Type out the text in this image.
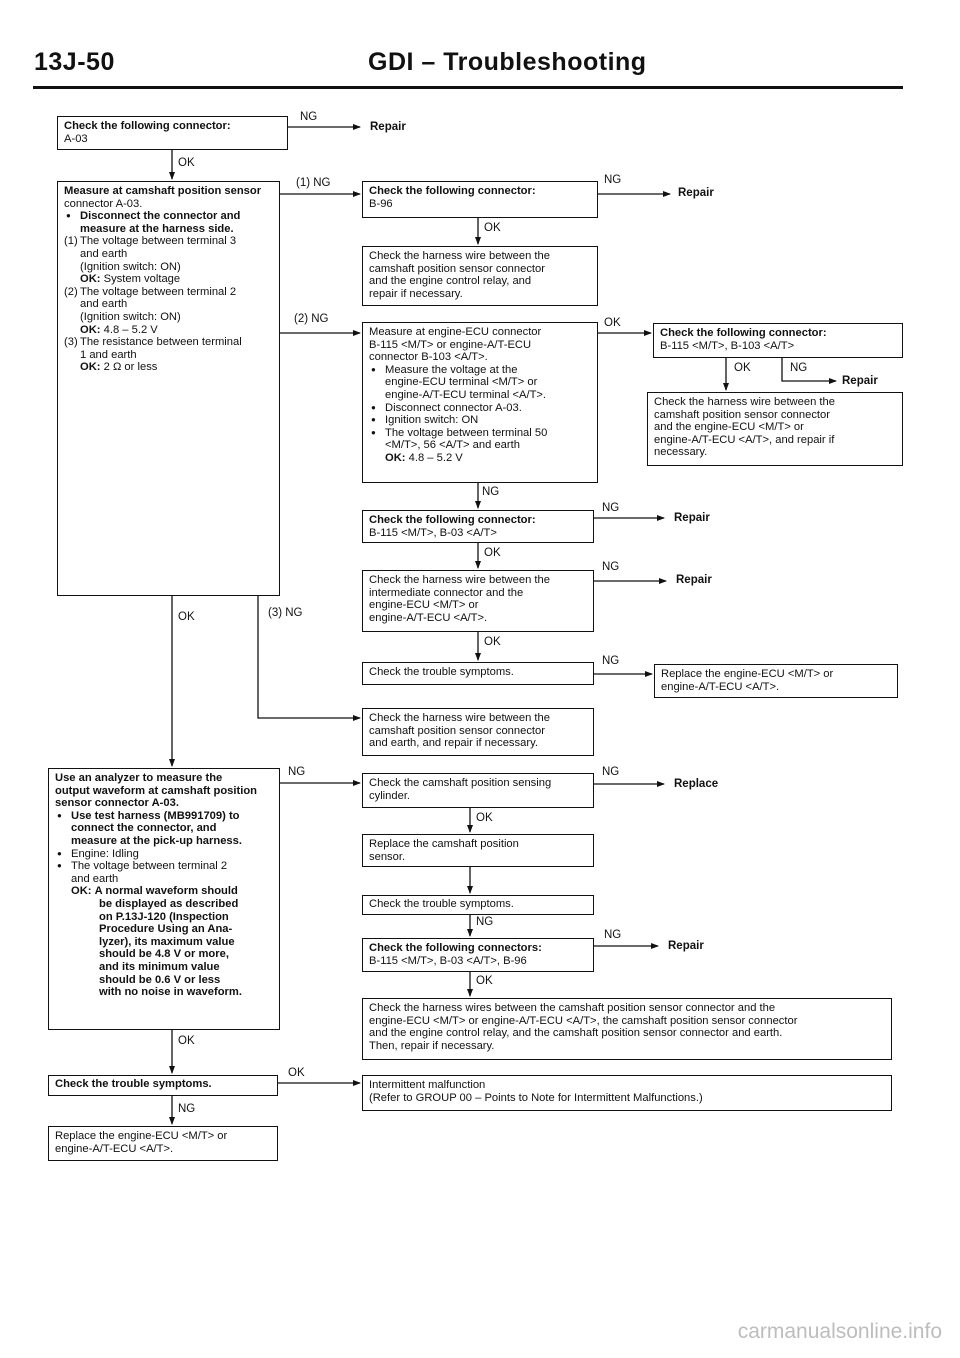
13J-50	GDI – Troubleshooting
NG
Repair
OK
(1) NG	NG
Repair
OK
(2) NG	OK
OK	NG
Repair
NG
NG
Repair
OK
NG
Repair
OK	(3) NG
OK
NG
NG	NG
Replace
OK
NG
NG
Repair
OK
OK
OK
NG
Check the following connector:
A-03
Measure at camshaft position sensor
connector A-03.
● Disconnect the connector and
measure at the harness side.
(1) The voltage between terminal 3
and earth
(Ignition switch: ON)
OK: System voltage
(2) The voltage between terminal 2
and earth
(Ignition switch: ON)
OK: 4.8 – 5.2 V
(3) The resistance between terminal
1 and earth
OK: 2 Ω or less
Check the following connector:
B-96
Check the harness wire between the
camshaft position sensor connector
and the engine control relay, and
repair if necessary.
Measure at engine-ECU connector
B-115 <M/T> or engine-A/T-ECU
connector B-103 <A/T>.
● Measure the voltage at the
engine-ECU terminal <M/T> or
engine-A/T-ECU terminal <A/T>.
● Disconnect connector A-03.
● Ignition switch: ON
● The voltage between terminal 50
<M/T>, 56 <A/T> and earth
OK: 4.8 – 5.2 V
Check the following connector:
B-115 <M/T>, B-103 <A/T>
Check the harness wire between the
camshaft position sensor connector
and the engine-ECU <M/T> or
engine-A/T-ECU <A/T>, and repair if
necessary.
Check the following connector:
B-115 <M/T>, B-03 <A/T>
Check the harness wire between the
intermediate connector and the
engine-ECU <M/T> or
engine-A/T-ECU <A/T>.
Check the trouble symptoms.	Replace the engine-ECU <M/T> or
engine-A/T-ECU <A/T>.
Check the harness wire between the
camshaft position sensor connector
and earth, and repair if necessary.
Use an analyzer to measure the
output waveform at camshaft position
sensor connector A-03.
● Use test harness (MB991709) to
connect the connector, and
measure at the pick-up harness.
● Engine: Idling
● The voltage between terminal 2
and earth
OK: A normal waveform should
be displayed as described
on P.13J-120 (Inspection
Procedure Using an Ana-
lyzer), its maximum value
should be 4.8 V or more,
and its minimum value
should be 0.6 V or less
with no noise in waveform.
Check the camshaft position sensing
cylinder.
Replace the camshaft position
sensor.
Check the trouble symptoms.
Check the following connectors:
B-115 <M/T>, B-03 <A/T>, B-96
Check the harness wires between the camshaft position sensor connector and the
engine-ECU <M/T> or engine-A/T-ECU <A/T>, the camshaft position sensor connector
and the engine control relay, and the camshaft position sensor connector and earth.
Then, repair if necessary.
Check the trouble symptoms.	Intermittent malfunction
(Refer to GROUP 00 – Points to Note for Intermittent Malfunctions.)
Replace the engine-ECU <M/T> or
engine-A/T-ECU <A/T>.
carmanualsonline.info
